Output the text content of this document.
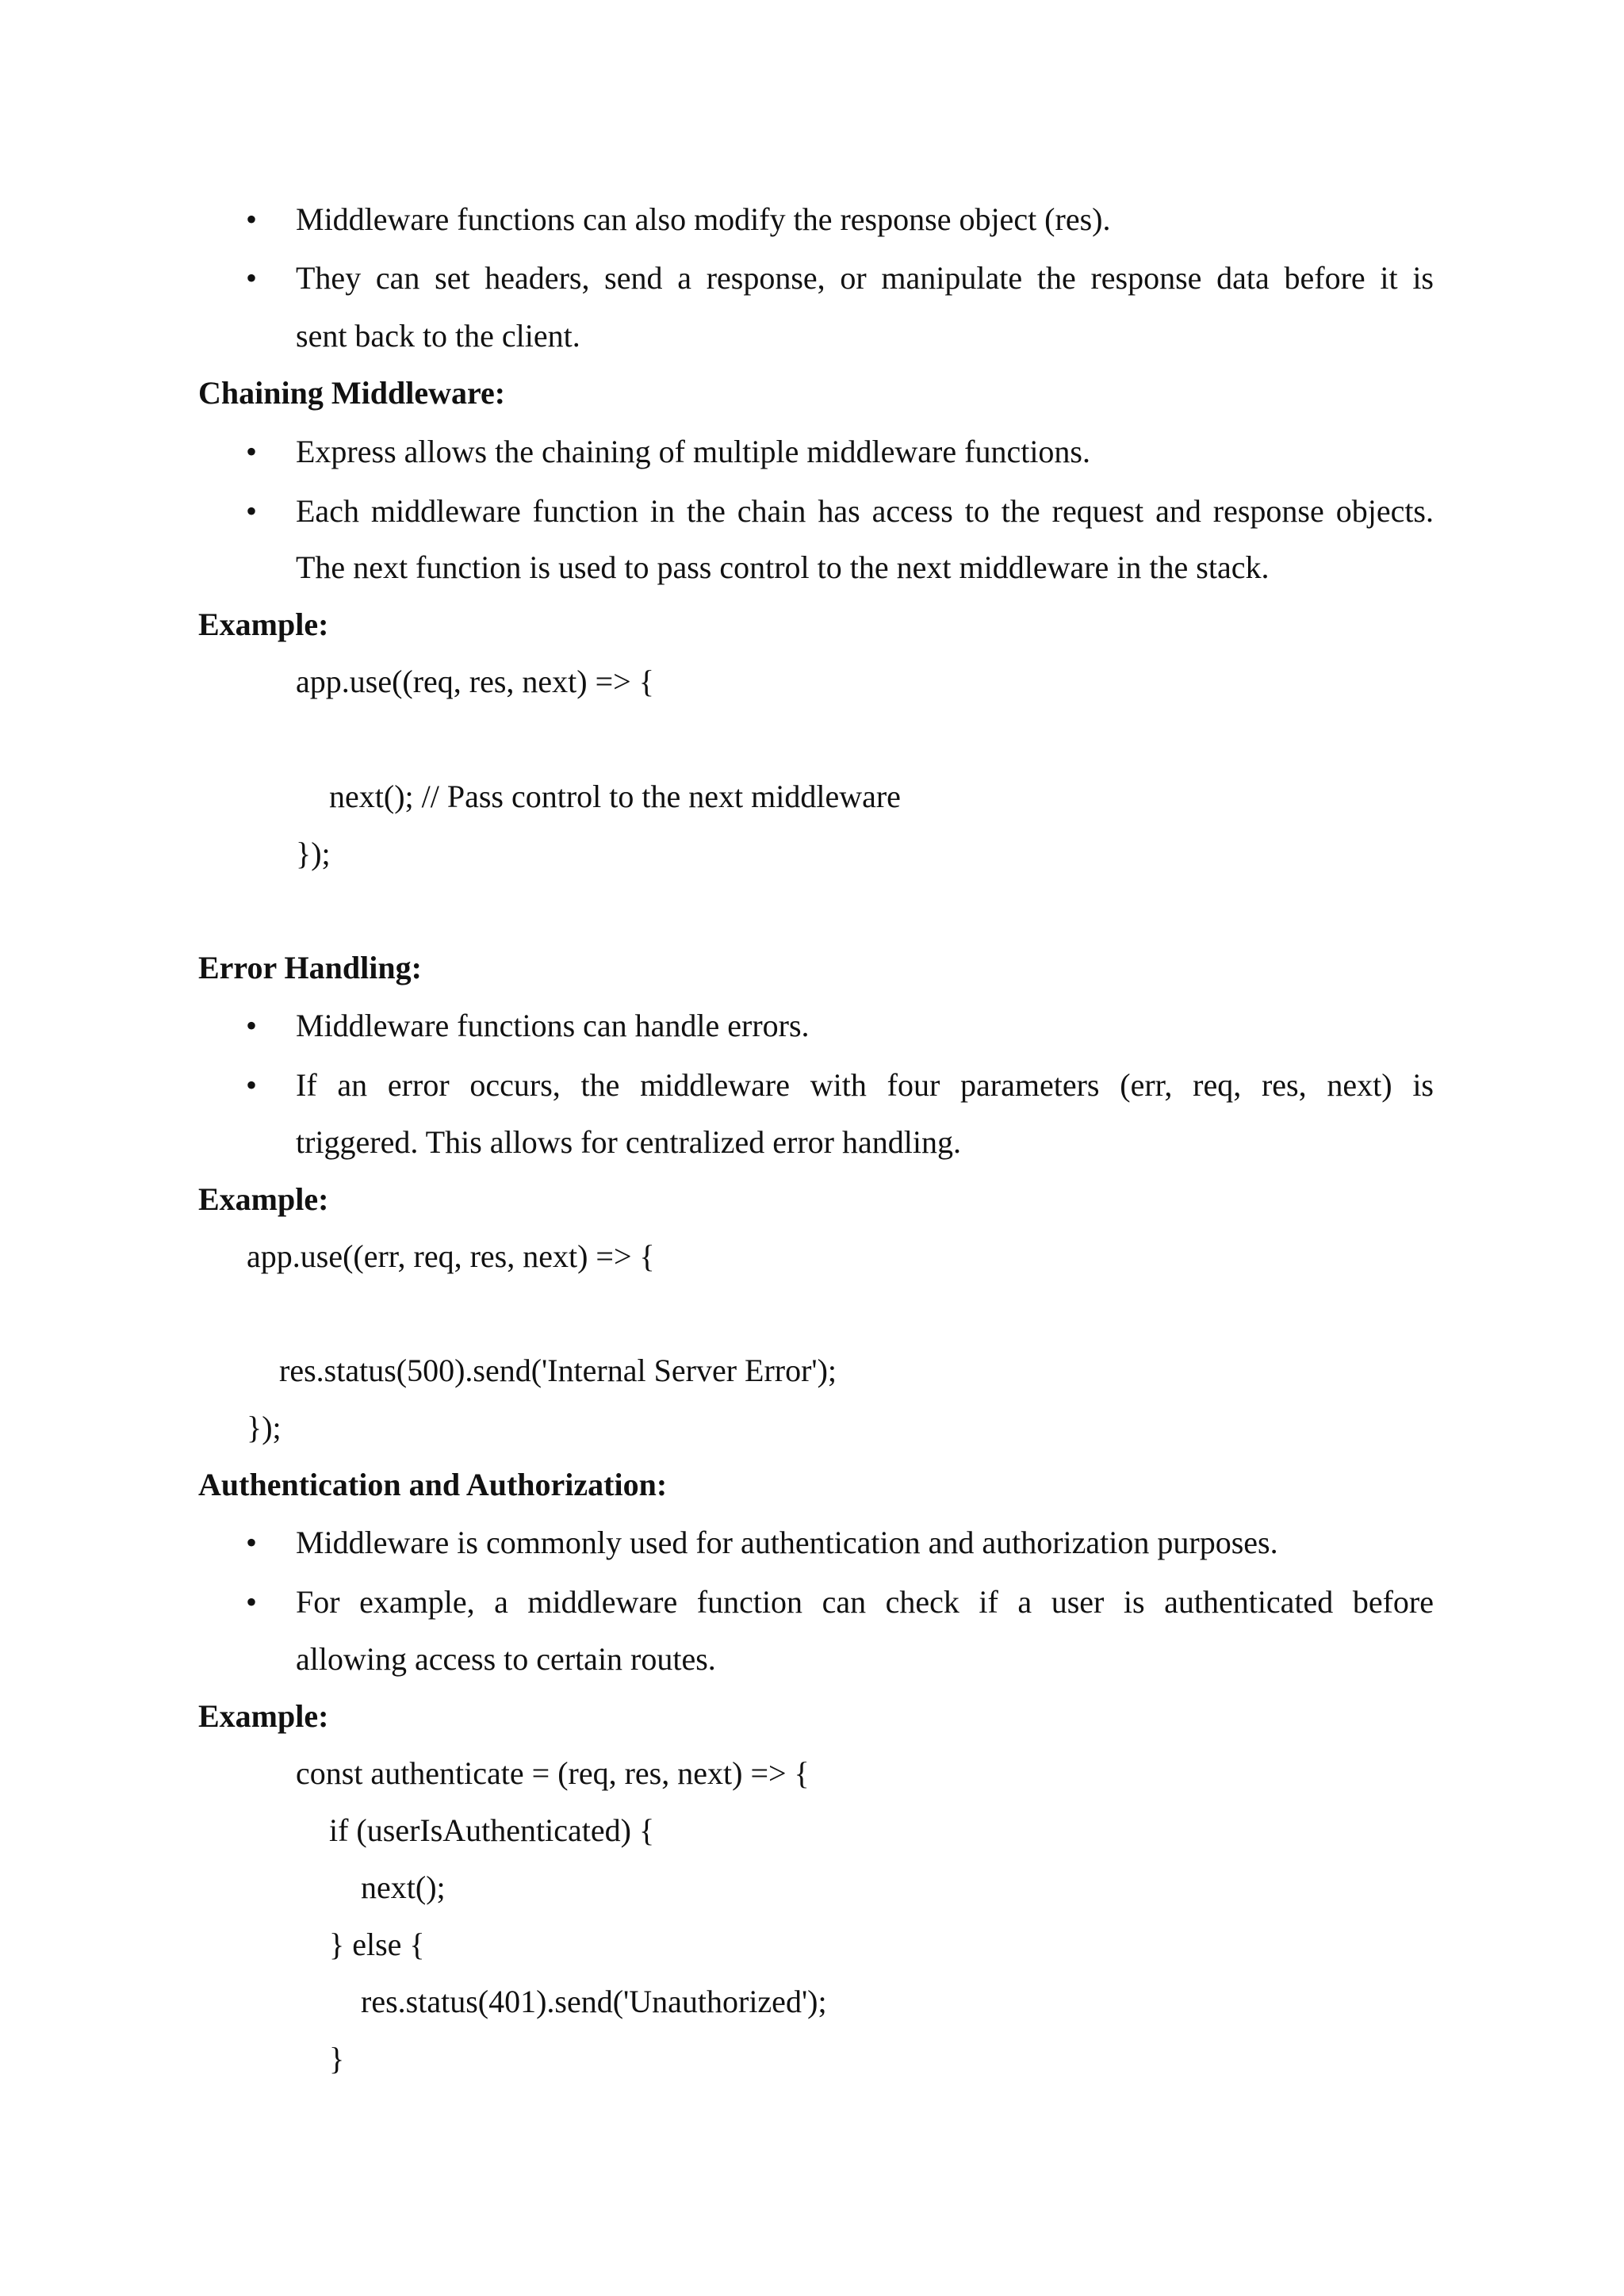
• Middleware functions can also modify the response object (res).
• They can set headers, send a response, or manipulate the response data before it is
sent back to the client.
Chaining Middleware:
• Express allows the chaining of multiple middleware functions.
• Each middleware function in the chain has access to the request and response objects.
The next function is used to pass control to the next middleware in the stack.
Example:
app.use((req, res, next) => {
next(); // Pass control to the next middleware
});
Error Handling:
• Middleware functions can handle errors.
• If an error occurs, the middleware with four parameters (err, req, res, next) is
triggered. This allows for centralized error handling.
Example:
app.use((err, req, res, next) => {
res.status(500).send('Internal Server Error');
});
Authentication and Authorization:
• Middleware is commonly used for authentication and authorization purposes.
• For example, a middleware function can check if a user is authenticated before
allowing access to certain routes.
Example:
const authenticate = (req, res, next) => {
if (userIsAuthenticated) {
next();
} else {
res.status(401).send('Unauthorized');
}
